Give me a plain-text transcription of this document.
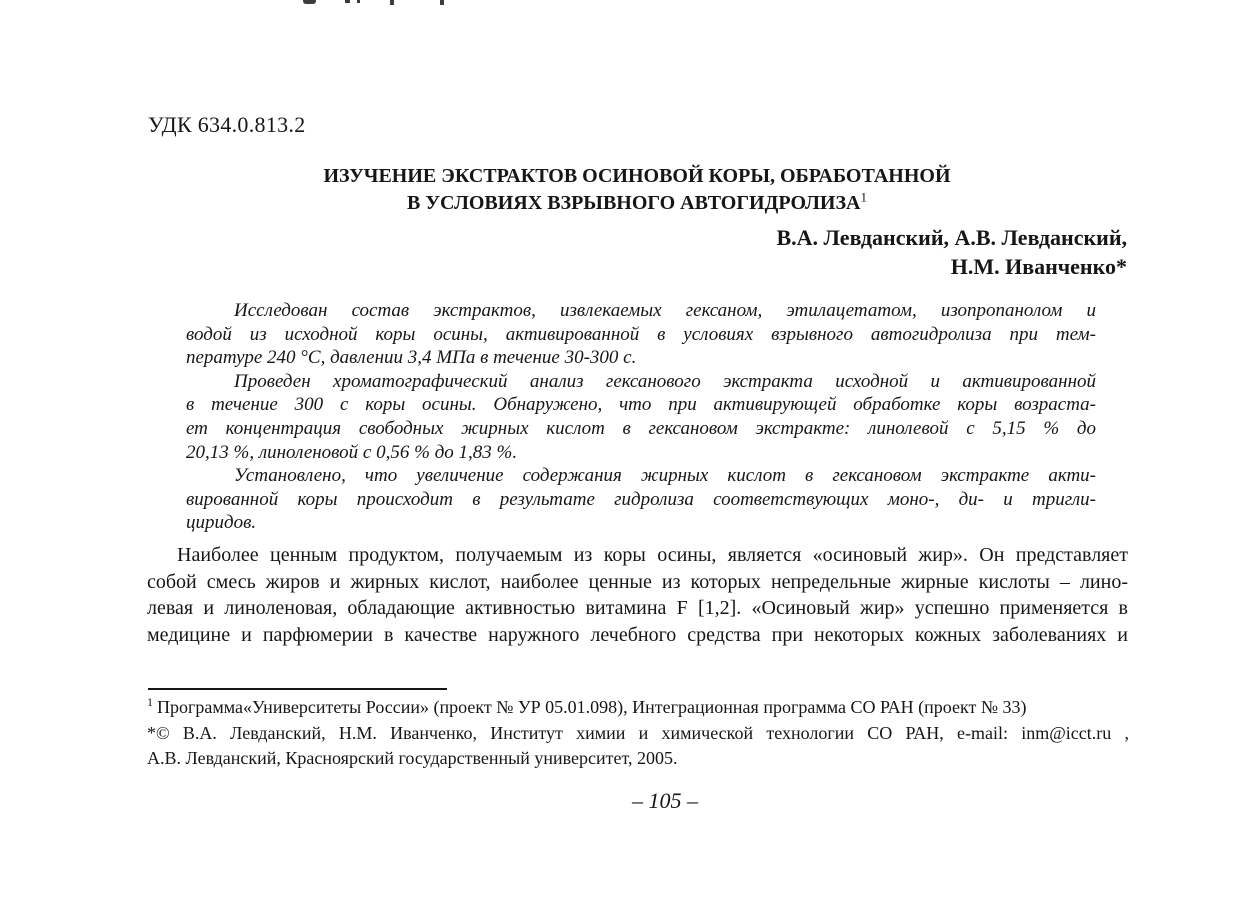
УДК 634.0.813.2
ИЗУЧЕНИЕ ЭКСТРАКТОВ ОСИНОВОЙ КОРЫ, ОБРАБОТАННОЙ
В УСЛОВИЯХ ВЗРЫВНОГО АВТОГИДРОЛИЗА$^1$
В.А. Левданский, А.В. Левданский,
Н.М. Иванченко*
Исследован состав экстрактов, извлекаемых гексаном, этилацетатом, изопропанолом и
водой из исходной коры осины, активированной в условиях взрывного автогидролиза при тем-
пературе 240 °С, давлении 3,4 МПа в течение 30-300 с.
Проведен хроматографический анализ гексанового экстракта исходной и активированной
в течение 300 с коры осины. Обнаружено, что при активирующей обработке коры возраста-
ет концентрация свободных жирных кислот в гексановом экстракте: линолевой с 5,15 % до
20,13 %, линоленовой с 0,56 % до 1,83 %.
Установлено, что увеличение содержания жирных кислот в гексановом экстракте акти-
вированной коры происходит в результате гидролиза соответствующих моно-, ди- и тригли-
циридов.
Наиболее ценным продуктом, получаемым из коры осины, является «осиновый жир». Он представляет
собой смесь жиров и жирных кислот, наиболее ценные из которых непредельные жирные кислоты – лино-
левая и линоленовая, обладающие активностью витамина F [1,2]. «Осиновый жир» успешно применяется в
медицине и парфюмерии в качестве наружного лечебного средства при некоторых кожных заболеваниях и
$^1$ Программа«Университеты России» (проект № УР 05.01.098), Интеграционная программа СО РАН (проект № 33)
*© В.А. Левданский, Н.М. Иванченко, Институт химии и химической технологии СО РАН, e-mail: inm@icct.ru ,
А.В. Левданский, Красноярский государственный университет, 2005.
– 105 –
